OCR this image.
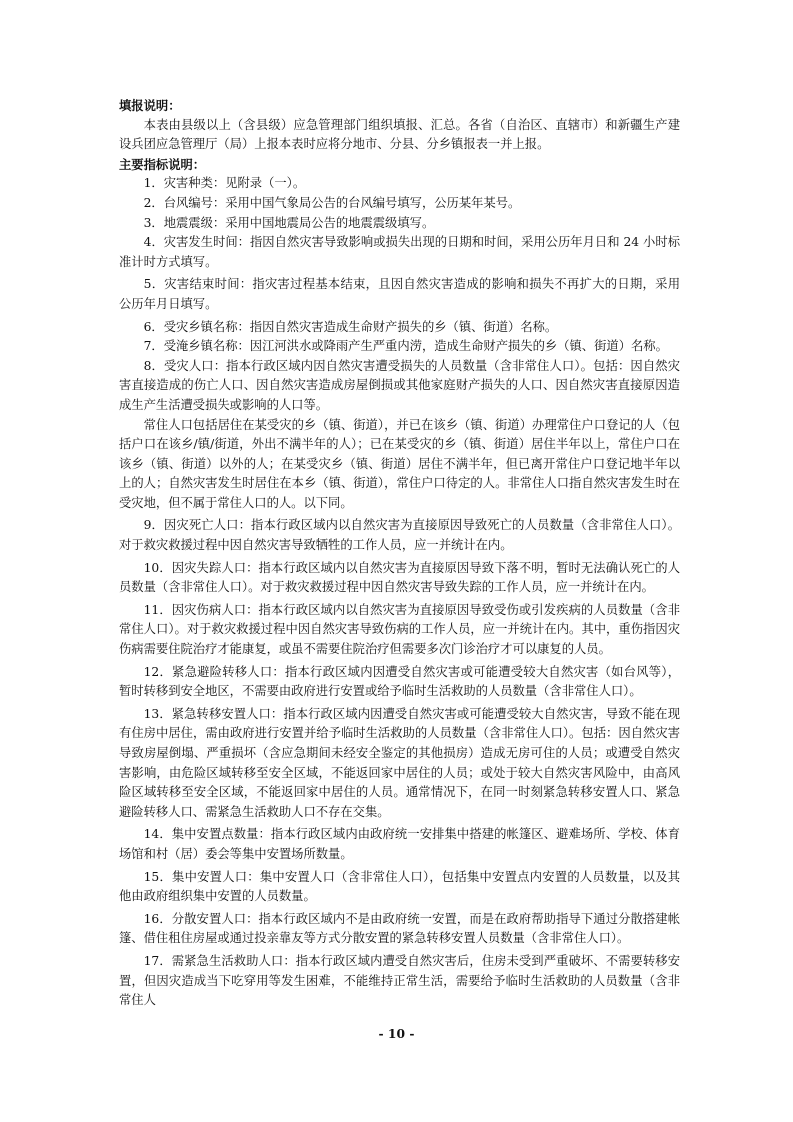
填报说明：

本表由县级以上（含县级）应急管理部门组织填报、汇总。各省（自治区、直辖市）和新疆生产建设兵团应急管理厅（局）上报本表时应将分地市、分县、分乡镇报表一并上报。

主要指标说明：

1．灾害种类：见附录（一）。

2．台风编号：采用中国气象局公告的台风编号填写，公历某年某号。

3．地震震级：采用中国地震局公告的地震震级填写。

4．灾害发生时间：指因自然灾害导致影响或损失出现的日期和时间，采用公历年月日和 24 小时标准计时方式填写。

5．灾害结束时间：指灾害过程基本结束，且因自然灾害造成的影响和损失不再扩大的日期，采用公历年月日填写。

6．受灾乡镇名称：指因自然灾害造成生命财产损失的乡（镇、街道）名称。

7．受淹乡镇名称：因江河洪水或降雨产生严重内涝，造成生命财产损失的乡（镇、街道）名称。

8．受灾人口：指本行政区域内因自然灾害遭受损失的人员数量（含非常住人口）。包括：因自然灾害直接造成的伤亡人口、因自然灾害造成房屋倒损或其他家庭财产损失的人口、因自然灾害直接原因造成生产生活遭受损失或影响的人口等。

常住人口包括居住在某受灾的乡（镇、街道），并已在该乡（镇、街道）办理常住户口登记的人（包括户口在该乡/镇/街道，外出不满半年的人）；已在某受灾的乡（镇、街道）居住半年以上，常住户口在该乡（镇、街道）以外的人；在某受灾乡（镇、街道）居住不满半年，但已离开常住户口登记地半年以上的人；自然灾害发生时居住在本乡（镇、街道），常住户口待定的人。非常住人口指自然灾害发生时在受灾地，但不属于常住人口的人。以下同。

9．因灾死亡人口：指本行政区域内以自然灾害为直接原因导致死亡的人员数量（含非常住人口）。对于救灾救援过程中因自然灾害导致牺牲的工作人员，应一并统计在内。

10．因灾失踪人口：指本行政区域内以自然灾害为直接原因导致下落不明，暂时无法确认死亡的人员数量（含非常住人口）。对于救灾救援过程中因自然灾害导致失踪的工作人员，应一并统计在内。

11．因灾伤病人口：指本行政区域内以自然灾害为直接原因导致受伤或引发疾病的人员数量（含非常住人口）。对于救灾救援过程中因自然灾害导致伤病的工作人员，应一并统计在内。其中，重伤指因灾伤病需要住院治疗才能康复，或虽不需要住院治疗但需要多次门诊治疗才可以康复的人员。

12．紧急避险转移人口：指本行政区域内因遭受自然灾害或可能遭受较大自然灾害（如台风等），暂时转移到安全地区，不需要由政府进行安置或给予临时生活救助的人员数量（含非常住人口）。

13．紧急转移安置人口：指本行政区域内因遭受自然灾害或可能遭受较大自然灾害，导致不能在现有住房中居住，需由政府进行安置并给予临时生活救助的人员数量（含非常住人口）。包括：因自然灾害导致房屋倒塌、严重损坏（含应急期间未经安全鉴定的其他损房）造成无房可住的人员；或遭受自然灾害影响，由危险区域转移至安全区域，不能返回家中居住的人员；或处于较大自然灾害风险中，由高风险区域转移至安全区域，不能返回家中居住的人员。通常情况下，在同一时刻紧急转移安置人口、紧急避险转移人口、需紧急生活救助人口不存在交集。

14．集中安置点数量：指本行政区域内由政府统一安排集中搭建的帐篷区、避难场所、学校、体育场馆和村（居）委会等集中安置场所数量。

15．集中安置人口：集中安置人口（含非常住人口），包括集中安置点内安置的人员数量，以及其他由政府组织集中安置的人员数量。

16．分散安置人口：指本行政区域内不是由政府统一安置，而是在政府帮助指导下通过分散搭建帐篷、借住租住房屋或通过投亲靠友等方式分散安置的紧急转移安置人员数量（含非常住人口）。

17．需紧急生活救助人口：指本行政区域内遭受自然灾害后，住房未受到严重破坏、不需要转移安置，但因灾造成当下吃穿用等发生困难，不能维持正常生活，需要给予临时生活救助的人员数量（含非常住人

- 10 -
